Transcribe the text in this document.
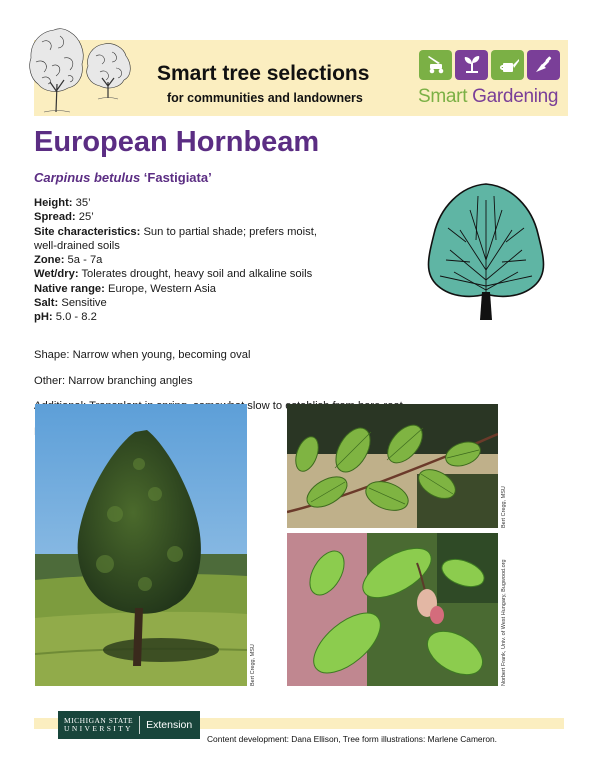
Smart tree selections
for communities and landowners	Smart Gardening
European Hornbeam
Carpinus betulus ‘Fastigiata’

Height: 35’

Spread: 25’

Site characteristics: Sun to partial shade; prefers moist, well-drained soils

Zone: 5a - 7a

Wet/dry: Tolerates drought, heavy soil and alkaline soils

Native range: Europe, Western Asia

Salt: Sensitive

pH: 5.0 - 8.2

Shape: Narrow when young, becoming oval

Other: Narrow branching angles

slow to

Bert Cregg, MSU
Bert Cregg, MSU
Norbert Frank, Univ. of West Hungary, Bugwood.org
MICHIGAN STATE
UNIVERSITY	Extension
Content development: Dana Ellison, Tree form illustrations: Marlene Cameron.
